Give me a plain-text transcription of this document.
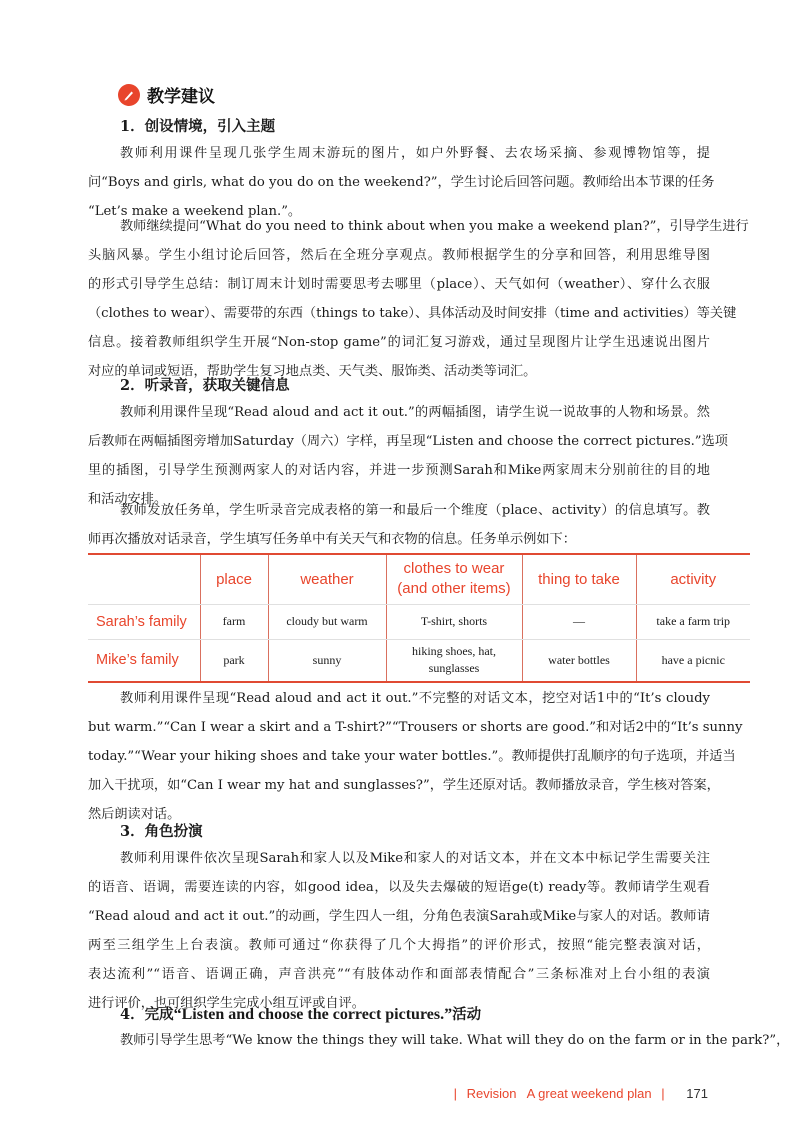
教学建议
1．创设情境，引入主题
教师利用课件呈现几张学生周末游玩的图片，如户外野餐、去农场采摘、参观博物馆等，提
问“Boys and girls, what do you do on the weekend?”，学生讨论后回答问题。教师给出本节课的任务
“Let’s make a weekend plan.”。
教师继续提问“What do you need to think about when you make a weekend plan?”，引导学生进行
头脑风暴。学生小组讨论后回答，然后在全班分享观点。教师根据学生的分享和回答，利用思维导图
的形式引导学生总结：制订周末计划时需要思考去哪里（place）、天气如何（weather）、穿什么衣服
（clothes to wear）、需要带的东西（things to take）、具体活动及时间安排（time and activities）等关键
信息。接着教师组织学生开展“Non-stop game”的词汇复习游戏，通过呈现图片让学生迅速说出图片
对应的单词或短语，帮助学生复习地点类、天气类、服饰类、活动类等词汇。
2．听录音，获取关键信息
教师利用课件呈现“Read aloud and act it out.”的两幅插图，请学生说一说故事的人物和场景。然
后教师在两幅插图旁增加Saturday（周六）字样，再呈现“Listen and choose the correct pictures.”选项
里的插图，引导学生预测两家人的对话内容，并进一步预测Sarah和Mike两家周末分别前往的目的地
和活动安排。
教师发放任务单，学生听录音完成表格的第一和最后一个维度（place、activity）的信息填写。教
师再次播放对话录音，学生填写任务单中有关天气和衣物的信息。任务单示例如下：
	place	weather	clothes to wear (and other items)	thing to take	activity
Sarah’s family	farm	cloudy but warm	T-shirt, shorts	—	take a farm trip
Mike’s family	park	sunny	hiking shoes, hat, sunglasses	water bottles	have a picnic
教师利用课件呈现“Read aloud and act it out.”不完整的对话文本，挖空对话1中的“It’s cloudy
but warm.”“Can I wear a skirt and a T-shirt?”“Trousers or shorts are good.”和对话2中的“It’s sunny
today.”“Wear your hiking shoes and take your water bottles.”。教师提供打乱顺序的句子选项，并适当
加入干扰项，如“Can I wear my hat and sunglasses?”，学生还原对话。教师播放录音，学生核对答案，
然后朗读对话。
3．角色扮演
教师利用课件依次呈现Sarah和家人以及Mike和家人的对话文本，并在文本中标记学生需要关注
的语音、语调，需要连读的内容，如good idea，以及失去爆破的短语ge(t) ready等。教师请学生观看
“Read aloud and act it out.”的动画，学生四人一组，分角色表演Sarah或Mike与家人的对话。教师请
两至三组学生上台表演。教师可通过“你获得了几个大拇指”的评价形式，按照“能完整表演对话，
表达流利”“语音、语调正确，声音洪亮”“有肢体动作和面部表情配合”三条标准对上台小组的表演
进行评价，也可组织学生完成小组互评或自评。
4．完成“Listen and choose the correct pictures.”活动
教师引导学生思考“We know the things they will take. What will they do on the farm or in the park?”，
| Revision A great weekend plan | 171
